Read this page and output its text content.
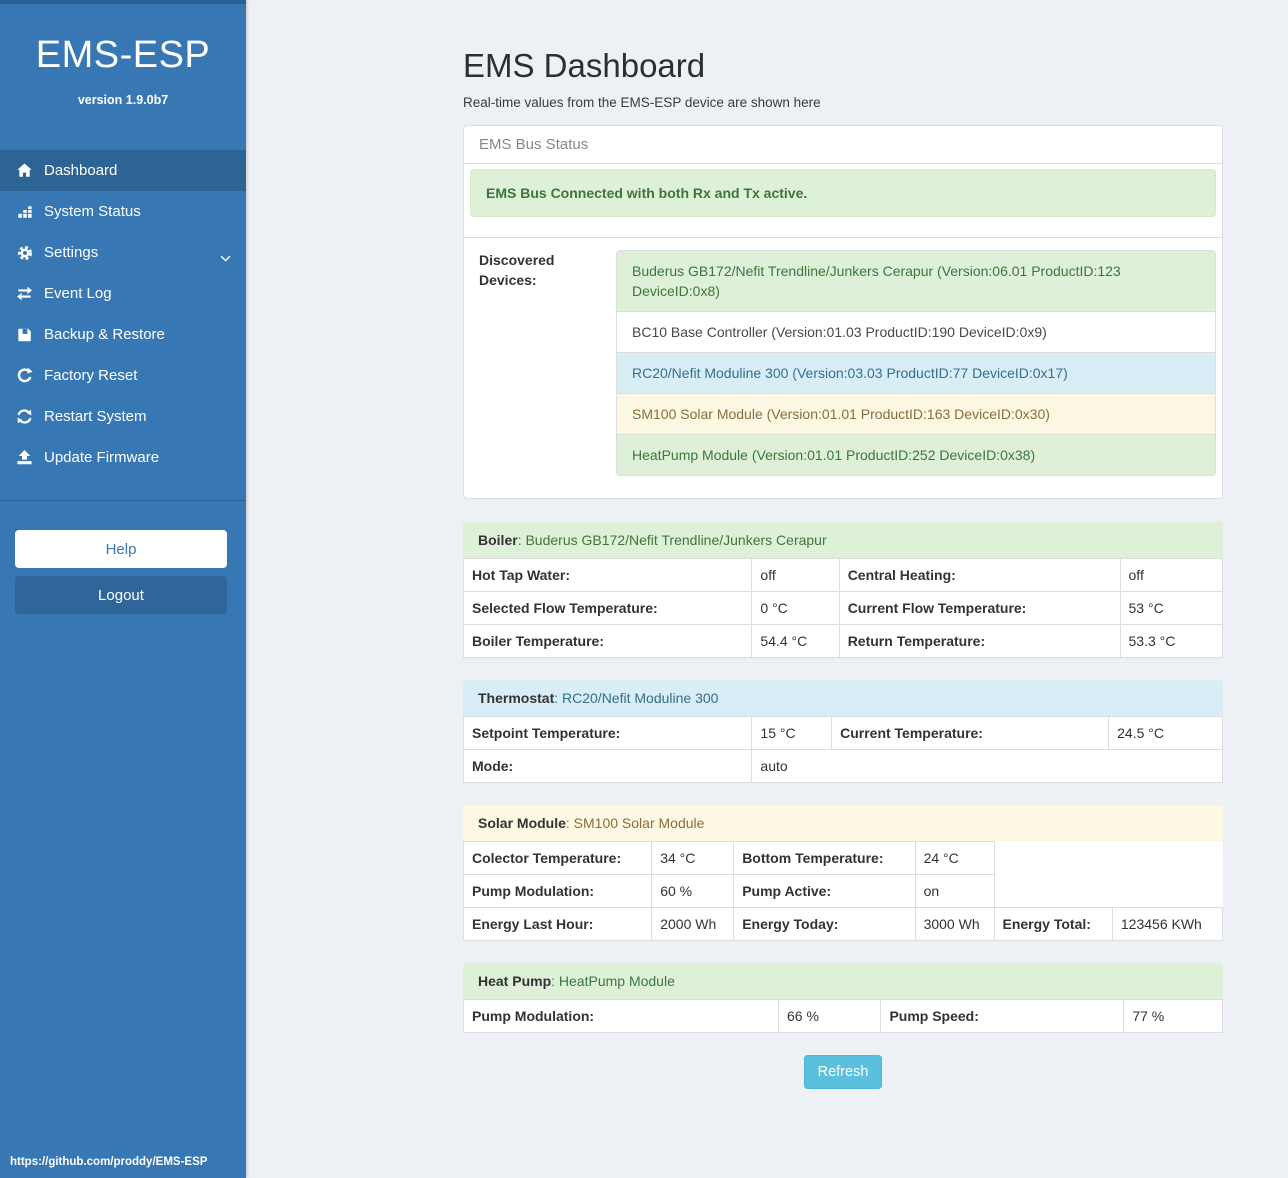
EMS-ESP
version 1.9.0b7
Dashboard
System Status
Settings
Event Log
Backup & Restore
Factory Reset
Restart System
Update Firmware
Help
Logout
https://github.com/proddy/EMS-ESP
EMS Dashboard

Real-time values from the EMS-ESP device are shown here

EMS Bus Status
EMS Bus Connected with both Rx and Tx active.
Discovered Devices:
Buderus GB172/Nefit Trendline/Junkers Cerapur (Version:06.01 ProductID:123 DeviceID:0x8)
BC10 Base Controller (Version:01.03 ProductID:190 DeviceID:0x9)
RC20/Nefit Moduline 300 (Version:03.03 ProductID:77 DeviceID:0x17)
SM100 Solar Module (Version:01.01 ProductID:163 DeviceID:0x30)
HeatPump Module (Version:01.01 ProductID:252 DeviceID:0x38)
Boiler: Buderus GB172/Nefit Trendline/Junkers Cerapur
Hot Tap Water:	off	Central Heating:	off
Selected Flow Temperature:	0 °C	Current Flow Temperature:	53 °C
Boiler Temperature:	54.4 °C	Return Temperature:	53.3 °C
Thermostat: RC20/Nefit Moduline 300
Setpoint Temperature:	15 °C	Current Temperature:	24.5 °C
Mode:	auto		
Solar Module: SM100 Solar Module
Colector Temperature:	34 °C	Bottom Temperature:	24 °C		
Pump Modulation:	60 %	Pump Active:	on		
Energy Last Hour:	2000 Wh	Energy Today:	3000 Wh	Energy Total:	123456 KWh
Heat Pump: HeatPump Module
Pump Modulation:	66 %	Pump Speed:	77 %
Refresh
